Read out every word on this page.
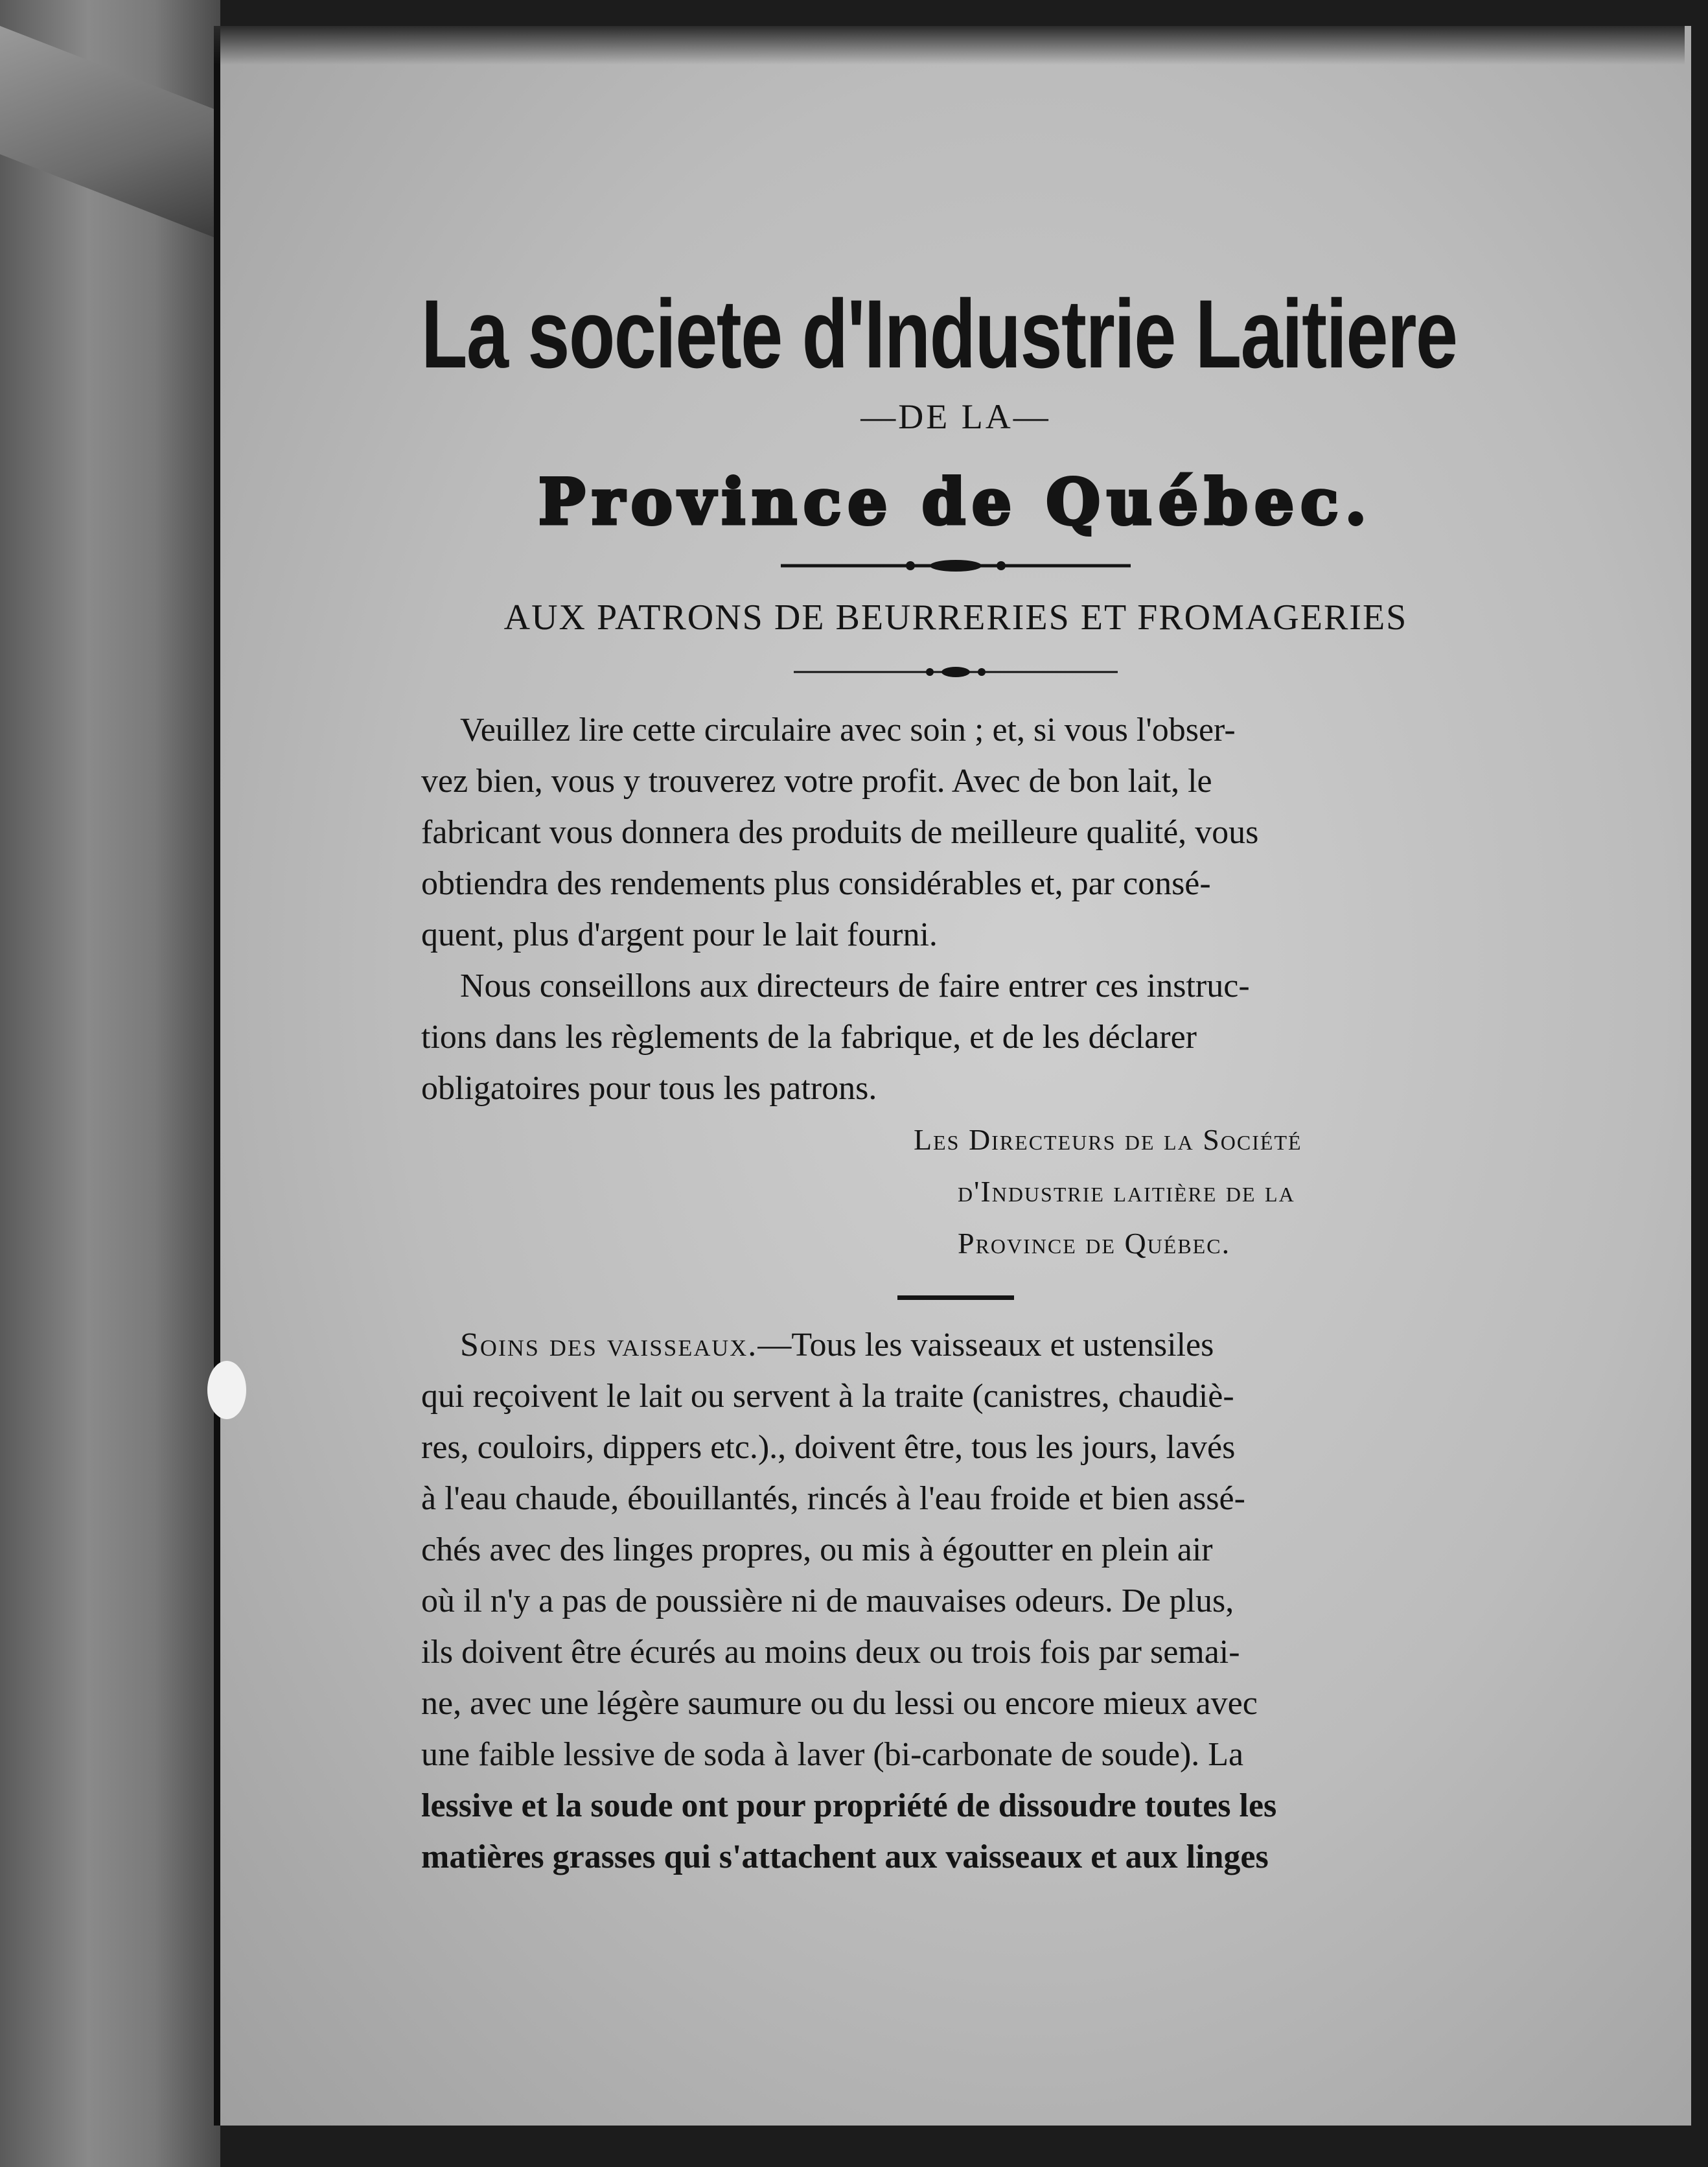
La societe d'Industrie Laitiere
—DE LA—
Province de Québec.
AUX PATRONS DE BEURRERIES ET FROMAGERIES

Veuillez lire cette circulaire avec soin ; et, si vous l'obser-

vez bien, vous y trouverez votre profit. Avec de bon lait, le

fabricant vous donnera des produits de meilleure qualité, vous

obtiendra des rendements plus considérables et, par consé-

quent, plus d'argent pour le lait fourni.

Nous conseillons aux directeurs de faire entrer ces instruc-

tions dans les règlements de la fabrique, et de les déclarer

obligatoires pour tous les patrons.

Les Directeurs de la Société
d'Industrie laitière de la
Province de Québec.

Soins des vaisseaux.—Tous les vaisseaux et ustensiles

qui reçoivent le lait ou servent à la traite (canistres, chaudiè-

res, couloirs, dippers etc.)., doivent être, tous les jours, lavés

à l'eau chaude, ébouillantés, rincés à l'eau froide et bien assé-

chés avec des linges propres, ou mis à égoutter en plein air

où il n'y a pas de poussière ni de mauvaises odeurs. De plus,

ils doivent être écurés au moins deux ou trois fois par semai-

ne, avec une légère saumure ou du lessi ou encore mieux avec

une faible lessive de soda à laver (bi-carbonate de soude). La

lessive et la soude ont pour propriété de dissoudre toutes les

matières grasses qui s'attachent aux vaisseaux et aux linges
